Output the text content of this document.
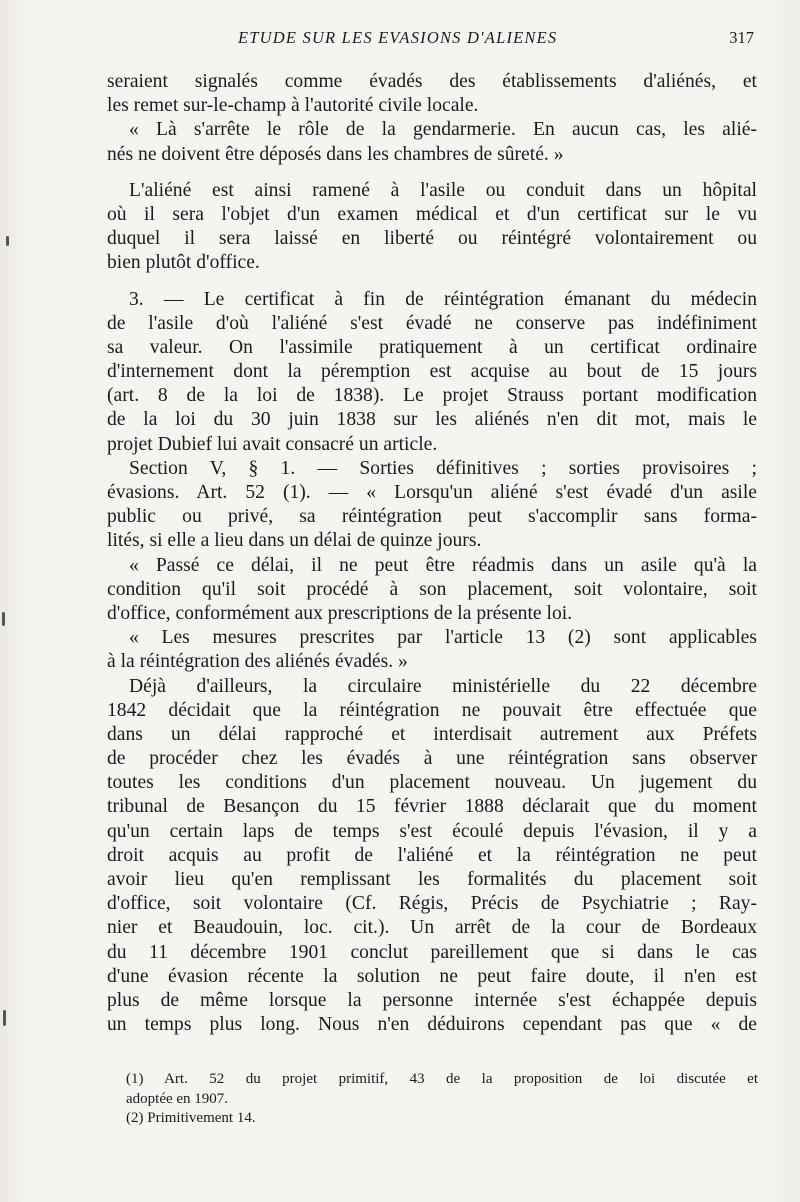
ETUDE SUR LES EVASIONS D'ALIENES	317
seraient signalés comme évadés des établissements d'aliénés, et
les remet sur-le-champ à l'autorité civile locale.
« Là s'arrête le rôle de la gendarmerie. En aucun cas, les alié-
nés ne doivent être déposés dans les chambres de sûreté. »
L'aliéné est ainsi ramené à l'asile ou conduit dans un hôpital
où il sera l'objet d'un examen médical et d'un certificat sur le vu
duquel il sera laissé en liberté ou réintégré volontairement ou
bien plutôt d'office.
3. — Le certificat à fin de réintégration émanant du médecin
de l'asile d'où l'aliéné s'est évadé ne conserve pas indéfiniment
sa valeur. On l'assimile pratiquement à un certificat ordinaire
d'internement dont la péremption est acquise au bout de 15 jours
(art. 8 de la loi de 1838). Le projet Strauss portant modification
de la loi du 30 juin 1838 sur les aliénés n'en dit mot, mais le
projet Dubief lui avait consacré un article.
Section V, § 1. — Sorties définitives ; sorties provisoires ;
évasions. Art. 52 (1). — « Lorsqu'un aliéné s'est évadé d'un asile
public ou privé, sa réintégration peut s'accomplir sans forma-
lités, si elle a lieu dans un délai de quinze jours.
« Passé ce délai, il ne peut être réadmis dans un asile qu'à la
condition qu'il soit procédé à son placement, soit volontaire, soit
d'office, conformément aux prescriptions de la présente loi.
« Les mesures prescrites par l'article 13 (2) sont applicables
à la réintégration des aliénés évadés. »
Déjà d'ailleurs, la circulaire ministérielle du 22 décembre
1842 décidait que la réintégration ne pouvait être effectuée que
dans un délai rapproché et interdisait autrement aux Préfets
de procéder chez les évadés à une réintégration sans observer
toutes les conditions d'un placement nouveau. Un jugement du
tribunal de Besançon du 15 février 1888 déclarait que du moment
qu'un certain laps de temps s'est écoulé depuis l'évasion, il y a
droit acquis au profit de l'aliéné et la réintégration ne peut
avoir lieu qu'en remplissant les formalités du placement soit
d'office, soit volontaire (Cf. Régis, Précis de Psychiatrie ; Ray-
nier et Beaudouin, loc. cit.). Un arrêt de la cour de Bordeaux
du 11 décembre 1901 conclut pareillement que si dans le cas
d'une évasion récente la solution ne peut faire doute, il n'en est
plus de même lorsque la personne internée s'est échappée depuis
un temps plus long. Nous n'en déduirons cependant pas que « de
(1) Art. 52 du projet primitif, 43 de la proposition de loi discutée et
adoptée en 1907.
(2) Primitivement 14.
